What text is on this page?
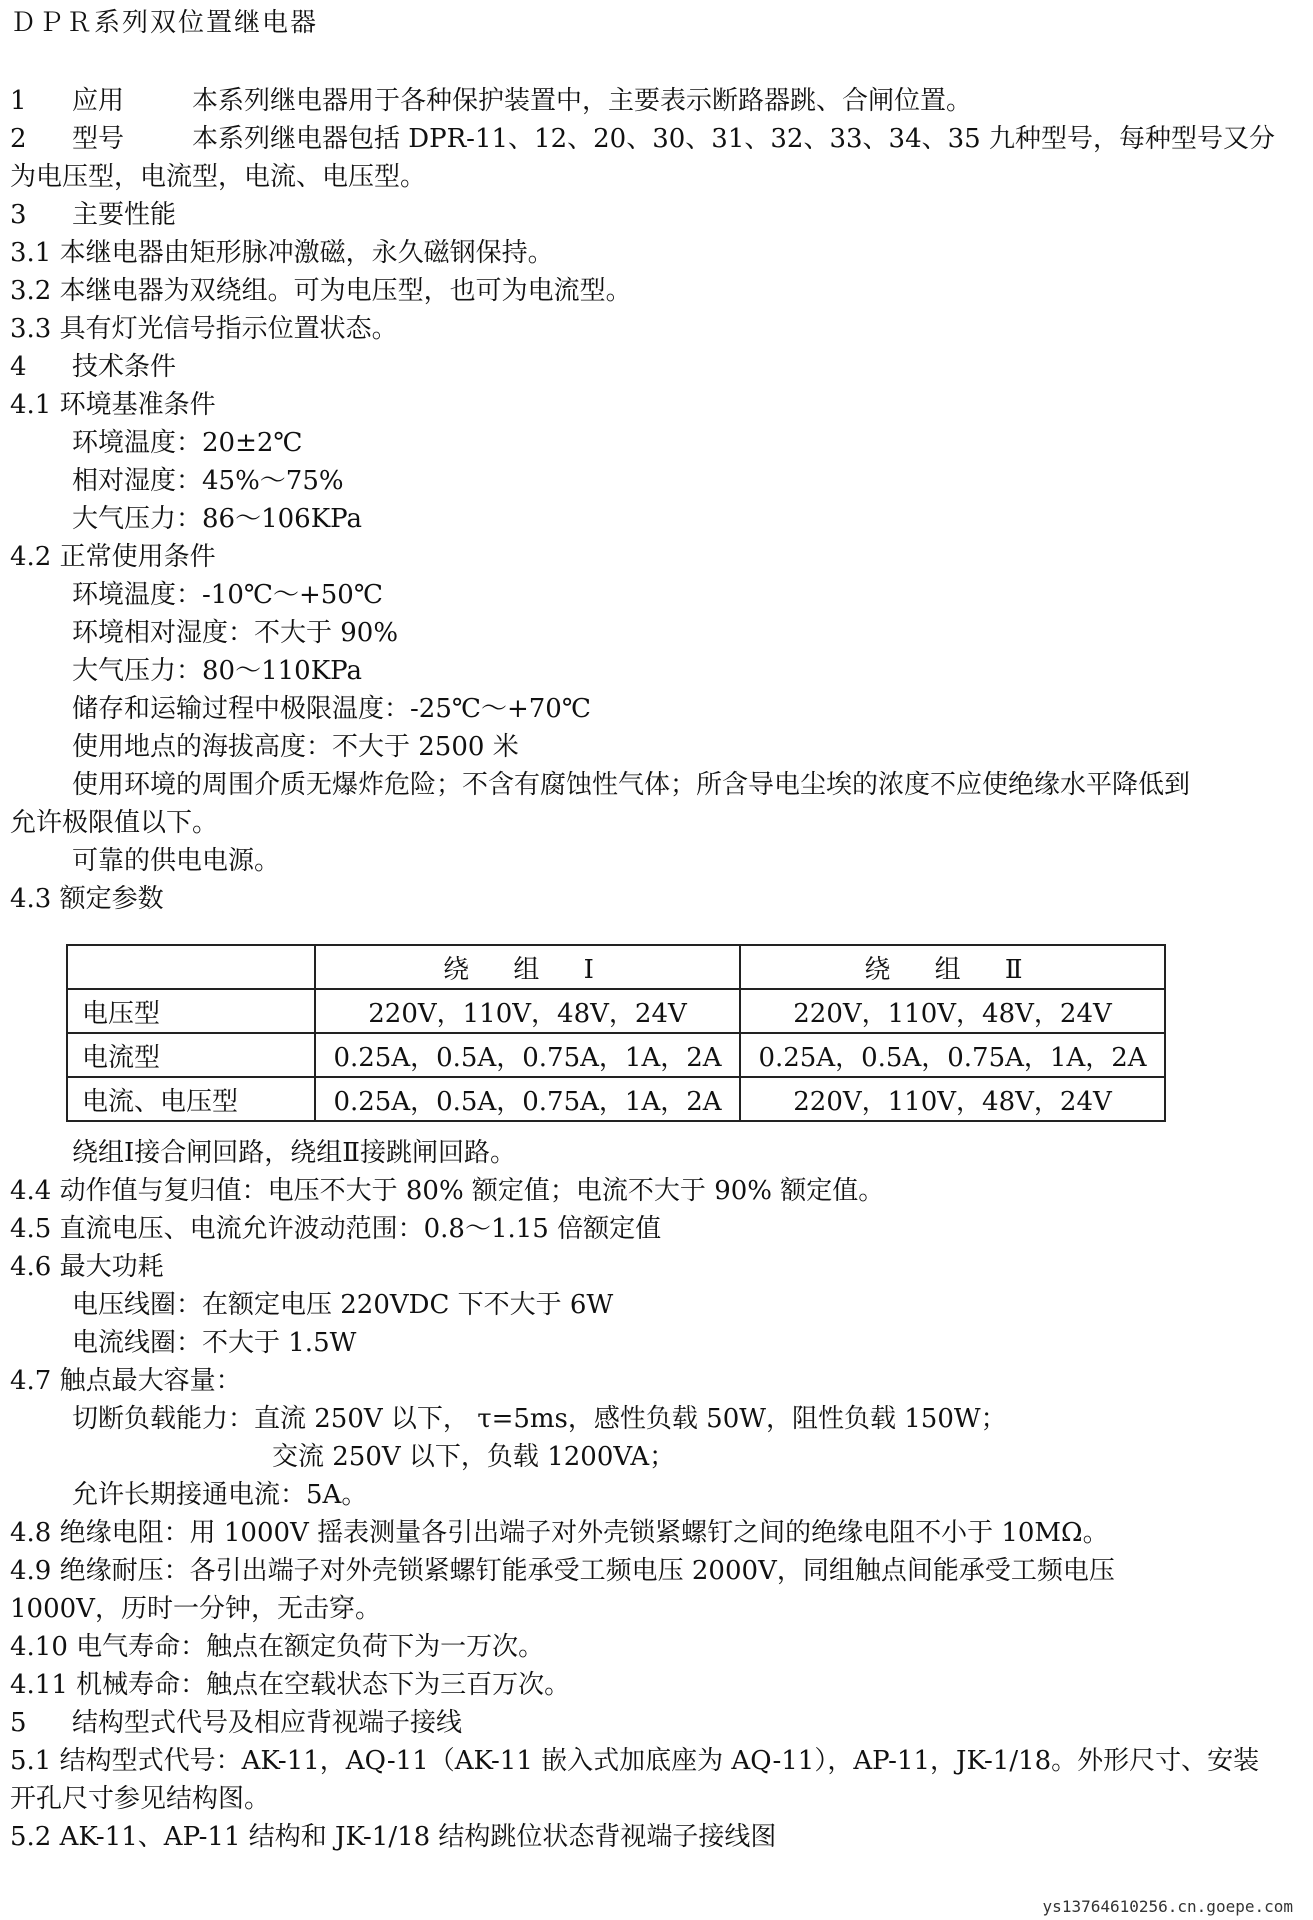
ＤＰＲ系列双位置继电器
1 应用	本系列继电器用于各种保护装置中，主要表示断路器跳、合闸位置。
2 型号	本系列继电器包括 DPR-11、12、20、30、31、32、33、34、35 九种型号，每种型号又分
为电压型，电流型，电流、电压型。
3 主要性能
3.1 本继电器由矩形脉冲激磁，永久磁钢保持。
3.2 本继电器为双绕组。可为电压型，也可为电流型。
3.3 具有灯光信号指示位置状态。
4 技术条件
4.1 环境基准条件
环境温度：20±2℃
相对湿度：45%～75%
大气压力：86～106KPa
4.2 正常使用条件
环境温度：-10℃～+50℃
环境相对湿度：不大于 90%
大气压力：80～110KPa
储存和运输过程中极限温度：-25℃～+70℃
使用地点的海拔高度：不大于 2500 米
使用环境的周围介质无爆炸危险；不含有腐蚀性气体；所含导电尘埃的浓度不应使绝缘水平降低到
允许极限值以下。
可靠的供电电源。
4.3 额定参数
	绕 组 Ⅰ	绕 组 Ⅱ
电压型	220V，110V，48V，24V	220V，110V，48V，24V
电流型	0.25A，0.5A，0.75A，1A，2A	0.25A，0.5A，0.75A，1A，2A
电流、电压型	0.25A，0.5A，0.75A，1A，2A	220V，110V，48V，24V
绕组Ⅰ接合闸回路，绕组Ⅱ接跳闸回路。
4.4 动作值与复归值：电压不大于 80% 额定值；电流不大于 90% 额定值。
4.5 直流电压、电流允许波动范围：0.8～1.15 倍额定值
4.6 最大功耗
电压线圈：在额定电压 220VDC 下不大于 6W
电流线圈：不大于 1.5W
4.7 触点最大容量：
切断负载能力：直流 250V 以下， τ=5ms，感性负载 50W，阻性负载 150W；
交流 250V 以下，负载 1200VA；
允许长期接通电流：5A。
4.8 绝缘电阻：用 1000V 摇表测量各引出端子对外壳锁紧螺钉之间的绝缘电阻不小于 10MΩ。
4.9 绝缘耐压：各引出端子对外壳锁紧螺钉能承受工频电压 2000V，同组触点间能承受工频电压
1000V，历时一分钟，无击穿。
4.10 电气寿命：触点在额定负荷下为一万次。
4.11 机械寿命：触点在空载状态下为三百万次。
5 结构型式代号及相应背视端子接线
5.1 结构型式代号：AK-11，AQ-11（AK-11 嵌入式加底座为 AQ-11），AP-11，JK-1/18。外形尺寸、安装
开孔尺寸参见结构图。
5.2 AK-11、AP-11 结构和 JK-1/18 结构跳位状态背视端子接线图
ys13764610256.cn.goepe.com
